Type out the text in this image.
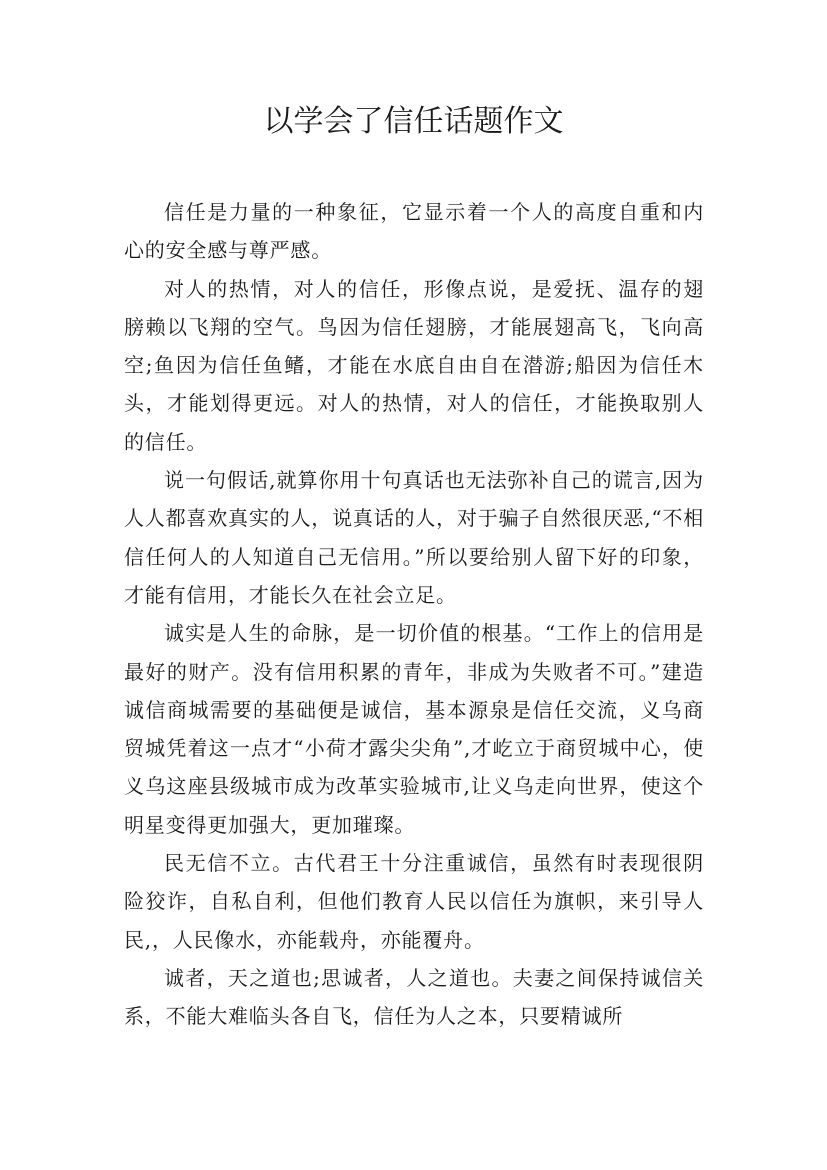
以学会了信任话题作文

信任是力量的一种象征，它显示着一个人的高度自重和内心的安全感与尊严感。

对人的热情，对人的信任，形像点说，是爱抚、温存的翅膀赖以飞翔的空气。鸟因为信任翅膀，才能展翅高飞，飞向高空;鱼因为信任鱼鳍，才能在水底自由自在潜游;船因为信任木头，才能划得更远。对人的热情，对人的信任，才能换取别人的信任。

说一句假话,就算你用十句真话也无法弥补自己的谎言,因为人人都喜欢真实的人，说真话的人，对于骗子自然很厌恶,“不相信任何人的人知道自己无信用。”所以要给别人留下好的印象，才能有信用，才能长久在社会立足。

诚实是人生的命脉，是一切价值的根基。“工作上的信用是最好的财产。没有信用积累的青年，非成为失败者不可。”建造诚信商城需要的基础便是诚信，基本源泉是信任交流，义乌商贸城凭着这一点才“小荷才露尖尖角”,才屹立于商贸城中心，使义乌这座县级城市成为改革实验城市,让义乌走向世界，使这个明星变得更加强大，更加璀璨。

民无信不立。古代君王十分注重诚信，虽然有时表现很阴险狡诈，自私自利，但他们教育人民以信任为旗帜，来引导人民,，人民像水，亦能载舟，亦能覆舟。

诚者，天之道也;思诚者，人之道也。夫妻之间保持诚信关系，不能大难临头各自飞，信任为人之本，只要精诚所
